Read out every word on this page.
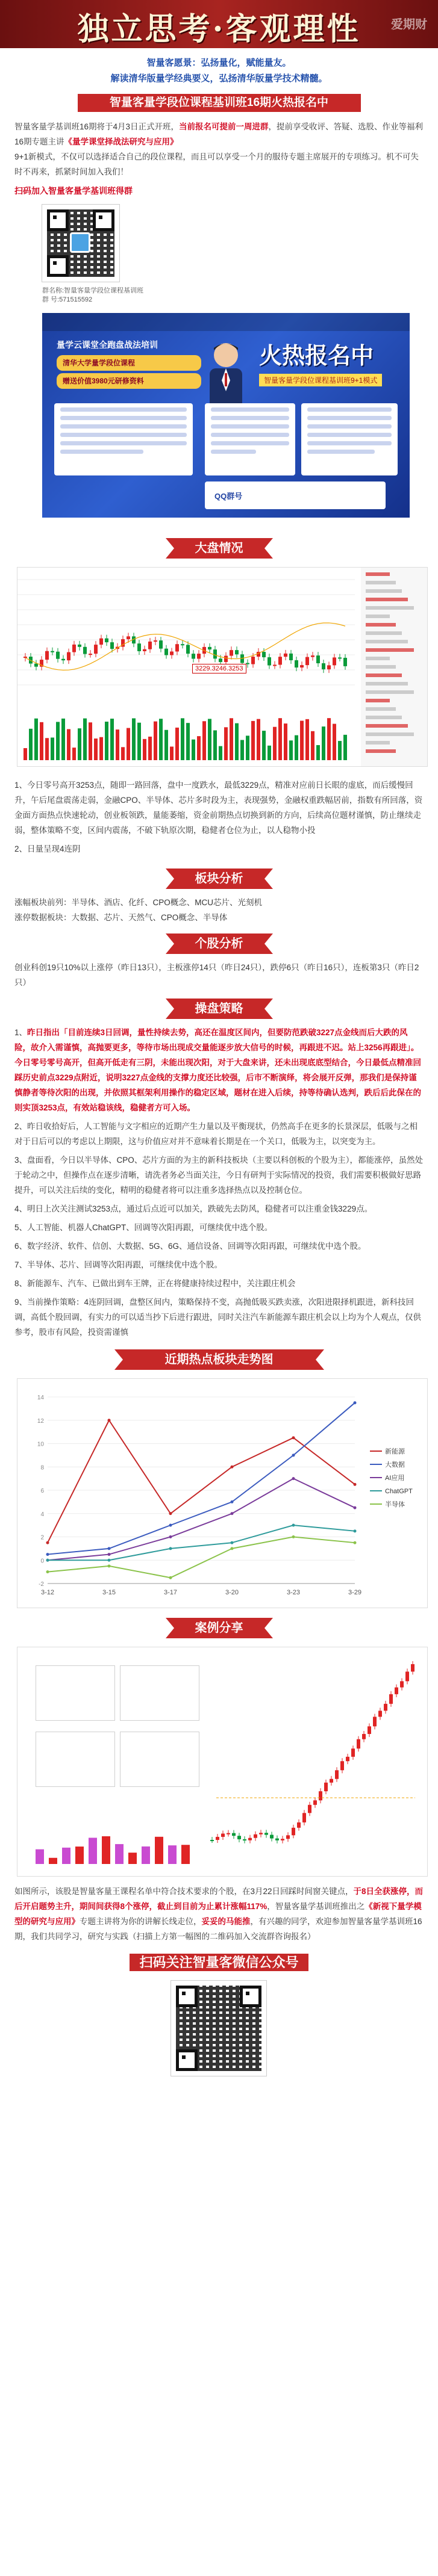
独立思考·客观理性	爱期财
智量客愿景：弘扬量化，赋能量友。
解读清华版量学经典要义，弘扬清华版量学技术精髓。
智量客量学段位课程基训班16期火热报名中
智量客量学基训班16期将于4月3日正式开班，当前报名可提前一周进群，提前享受收评、答疑、选股、作业等福利
16期专题主讲《量学课堂择战法研究与应用》
9+1新模式，不仅可以选择适合自己的段位课程，而且可以享受一个月的服待专题主席展开的专项练习。机不可失时不再来，抓紧时间加入我们！
扫码加入智量客量学基训班得群
群名称:智量客量学段位课程基训班
群 号:571515592
量学云课堂全跑盘战法培训
清华大学量学段位课程
赠送价值3980元研修资料
火热报名中
智量客量学段位课程基训班9+1模式
QQ群号
大盘情况
3229.3246.3253
1、今日零号高开3253点，随即一路回落，盘中一度跌水，最低3229点，精准对应前日长眼的虚底，而后缓慢回升，午后尾盘震荡走弱，金融CPO、半导体、芯片多时段为主，表现强势，金融权重跌幅居前，指数有所回落，资金面方面热点快速轮动，创业板领跌，量能萎缩，资金前期热点切换到新的方向，后续高位题材谨慎，防止继续走弱，整体策略不变，区间内震荡，不破下轨原次期，稳健者仓位为止，以人稳物小投
2、日量呈现4连阴
板块分析
涨幅板块前列：半导体、酒店、化纤、CPO概念、MCU芯片、光刻机
涨停数据板块：大数据、芯片、天然气、CPO概念、半导体
个股分析
创业科创19只10%以上涨停（昨日13只），主板涨停14只（昨日24只），跌停6只（昨日16只），连板第3只（昨日2只）
操盘策略
1、昨日指出「目前连续3日回调，量性持续去势，高还在温度区间内，但要防范跌破3227点金线而后大跌的风险，故介入需谨慎，高抛要更多，等待市场出现成交量能逐步放大信号的时候，再跟进不迟。站上3256再跟进」。今日零号零号高开，但高开低走有三阴，未能出现次阳，对于大盘来讲，还未出现底底型结合，今日最低点精准回踩历史前点3229点附近，说明3227点金线的支撑力度还比较强，后市不断演绎，将会展开反弹，那我们是保持谨慎静者等待次阳的出现，并依照其框架利用操作的稳定区域，题材在进入后续，持等待确认选判，跌后后此保在的则实顶3253点，有效站稳该线，稳健者方可入场。
2、昨日收拾好后，人工智能与文字相应的近期产生力量以及平衡现状，仍然高手在更多的长景深层，低吸与之相对于日后可以的考虑以上期限，这与价值应对并不意味着长期是在一个关口，低吸为主，以突变为主。
3、盘面看，今日以半导体、CPO、芯片方面的为主的新科技板块（主要以科创板的个股为主），都能涨停，虽然处于轮动之中，但操作点在逐步清晰，请洗者务必当面关注，今日有研判于实际情况的投资，我们需要积极做好思路提升，可以关注后续的变化，精明的稳健者将可以注重多选择热点以及控制仓位。
4、明日上次关注测试3253点，通过后点近可以加关，跌破先去防风，稳健者可以注重金钱3229点。
5、人工智能、机器人ChatGPT、回调等次阳再跟，可继续优中选个股。
6、数字经济、软件、信创、大数据、5G、6G、通信设备、回调等次阳再跟，可继续优中选个股。
7、半导体、芯片、回调等次阳再跟，可继续优中选个股。
8、新能源车、汽车、已做出到车王牌，正在将健康持续过程中，关注跟庄机会
9、当前操作策略：4连阴回调，盘整区间内，策略保持不变，高抛低吸买跌卖涨，次阳进限择机跟进，新科技回调，高低个股回调，有实力的可以适当抄下后进行跟进，同时关注汽车新能源车跟庄机会以上均为个人观点，仅供参考，股市有风险，投资需谨慎
近期热点板块走势图
-2
0
2
4
6
8
10
12
14
3-12	3-15	3-17	3-20	3-23	3-29
新能源
大数据
AI应用
ChatGPT
半导体
案例分享
如图所示，该股是智量客量王课程名单中符合技术要求的个股，在3月22日回踩时间窗关键点，于8日全获涨停，而后开启题势主升，期间间获得8个涨停，截止到目前为止累计涨幅117%，智量客量学基训班推出之《新视下量学模型的研究与应用》专题主讲将为你的讲解长线走位，妥妥的马能推，有兴趣的同学，欢迎参加智量客量学基训班16期，我们共同学习，研究与实践（扫描上方第一幅图的二维码加入交流群咨询报名）
扫码关注智量客微信公众号
